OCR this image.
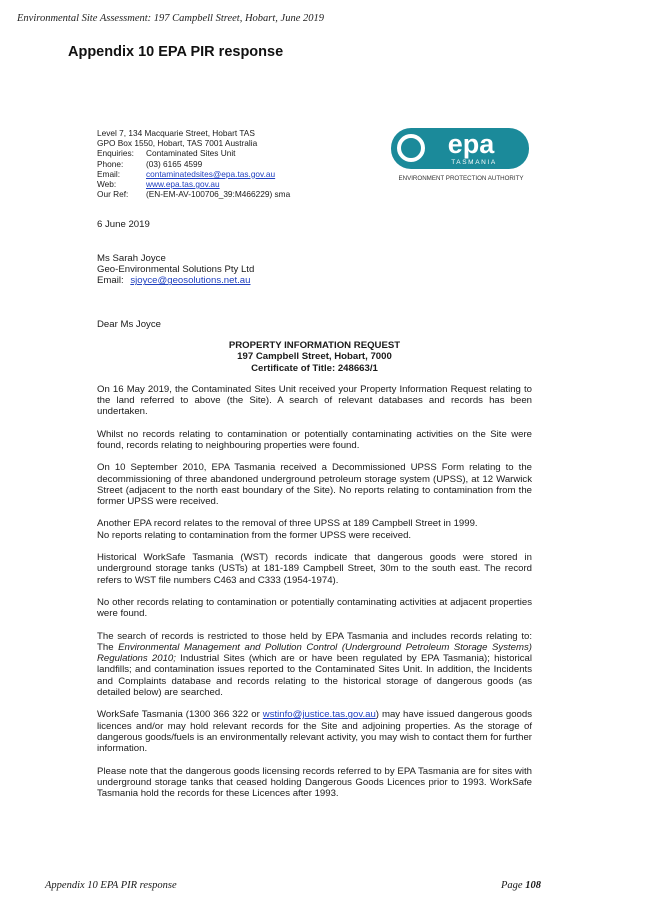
Environmental Site Assessment: 197 Campbell Street, Hobart, June 2019
Appendix 10 EPA PIR response
epa
TASMANIA
ENVIRONMENT PROTECTION AUTHORITY
Level 7, 134 Macquarie Street, Hobart TAS
GPO Box 1550, Hobart, TAS 7001 Australia
Enquiries:	Contaminated Sites Unit
Phone:	(03) 6165 4599
Email:	contaminatedsites@epa.tas.gov.au
Web:	www.epa.tas.gov.au
Our Ref:	(EN-EM-AV-100706_39:M466229) sma
6 June 2019
Ms Sarah Joyce
Geo-Environmental Solutions Pty Ltd
Email: sjoyce@geosolutions.net.au
Dear Ms Joyce
PROPERTY INFORMATION REQUEST
197 Campbell Street, Hobart, 7000
Certificate of Title: 248663/1

On 16 May 2019, the Contaminated Sites Unit received your Property Information Request relating to the land referred to above (the Site). A search of relevant databases and records has been undertaken.

Whilst no records relating to contamination or potentially contaminating activities on the Site were found, records relating to neighbouring properties were found.

On 10 September 2010, EPA Tasmania received a Decommissioned UPSS Form relating to the decommissioning of three abandoned underground petroleum storage system (UPSS), at 12 Warwick Street (adjacent to the north east boundary of the Site). No reports relating to contamination from the former UPSS were received.

Another EPA record relates to the removal of three UPSS at 189 Campbell Street in 1999.
No reports relating to contamination from the former UPSS were received.

Historical WorkSafe Tasmania (WST) records indicate that dangerous goods were stored in underground storage tanks (USTs) at 181-189 Campbell Street, 30m to the south east. The record refers to WST file numbers C463 and C333 (1954-1974).

No other records relating to contamination or potentially contaminating activities at adjacent properties were found.

The search of records is restricted to those held by EPA Tasmania and includes records relating to: The Environmental Management and Pollution Control (Underground Petroleum Storage Systems) Regulations 2010; Industrial Sites (which are or have been regulated by EPA Tasmania); historical landfills; and contamination issues reported to the Contaminated Sites Unit. In addition, the Incidents and Complaints database and records relating to the historical storage of dangerous goods (as detailed below) are searched.

WorkSafe Tasmania (1300 366 322 or wstinfo@justice.tas.gov.au) may have issued dangerous goods licences and/or may hold relevant records for the Site and adjoining properties. As the storage of dangerous goods/fuels is an environmentally relevant activity, you may wish to contact them for further information.

Please note that the dangerous goods licensing records referred to by EPA Tasmania are for sites with underground storage tanks that ceased holding Dangerous Goods Licences prior to 1993. WorkSafe Tasmania hold the records for these Licences after 1993.

Appendix 10 EPA PIR response	Page 108
